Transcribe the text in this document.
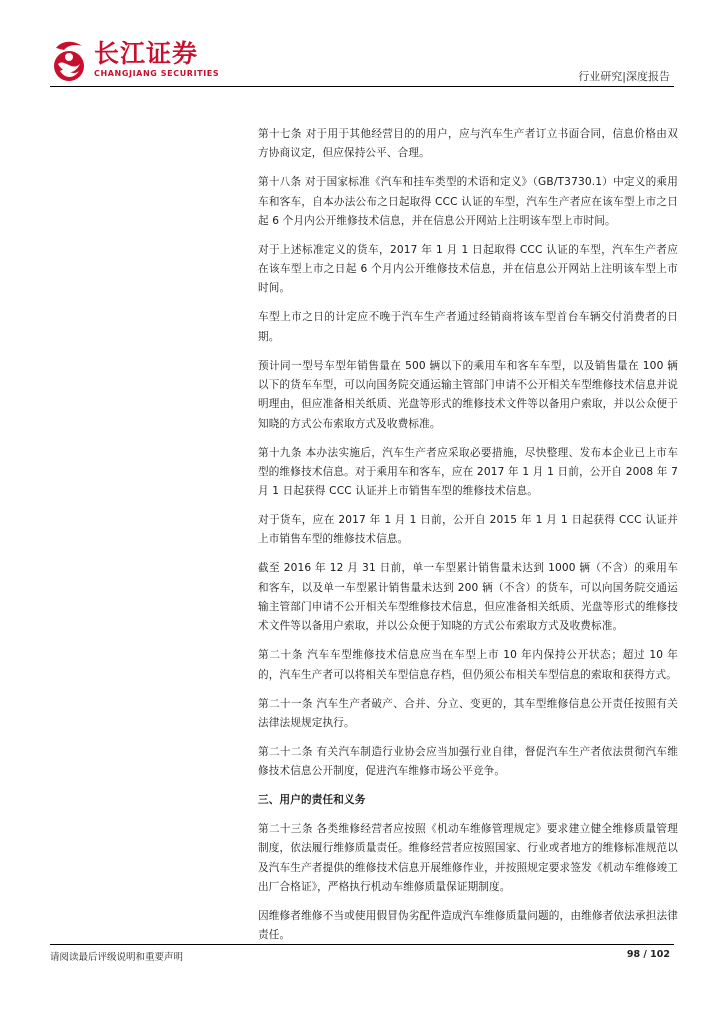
长江证券
CHANGJIANG SECURITIES	行业研究|深度报告

第十七条 对于用于其他经营目的的用户，应与汽车生产者订立书面合同，信息价格由双方协商议定，但应保持公平、合理。

第十八条 对于国家标准《汽车和挂车类型的术语和定义》（GB/T3730.1）中定义的乘用车和客车，自本办法公布之日起取得 CCC 认证的车型，汽车生产者应在该车型上市之日起 6 个月内公开维修技术信息，并在信息公开网站上注明该车型上市时间。

对于上述标准定义的货车，2017 年 1 月 1 日起取得 CCC 认证的车型，汽车生产者应在该车型上市之日起 6 个月内公开维修技术信息，并在信息公开网站上注明该车型上市时间。

车型上市之日的计定应不晚于汽车生产者通过经销商将该车型首台车辆交付消费者的日期。

预计同一型号车型年销售量在 500 辆以下的乘用车和客车车型，以及销售量在 100 辆以下的货车车型，可以向国务院交通运输主管部门申请不公开相关车型维修技术信息并说明理由，但应准备相关纸质、光盘等形式的维修技术文件等以备用户索取，并以公众便于知晓的方式公布索取方式及收费标准。

第十九条 本办法实施后，汽车生产者应采取必要措施，尽快整理、发布本企业已上市车型的维修技术信息。对于乘用车和客车，应在 2017 年 1 月 1 日前，公开自 2008 年 7 月 1 日起获得 CCC 认证并上市销售车型的维修技术信息。

对于货车，应在 2017 年 1 月 1 日前，公开自 2015 年 1 月 1 日起获得 CCC 认证并上市销售车型的维修技术信息。

截至 2016 年 12 月 31 日前，单一车型累计销售量未达到 1000 辆（不含）的乘用车和客车，以及单一车型累计销售量未达到 200 辆（不含）的货车，可以向国务院交通运输主管部门申请不公开相关车型维修技术信息，但应准备相关纸质、光盘等形式的维修技术文件等以备用户索取，并以公众便于知晓的方式公布索取方式及收费标准。

第二十条 汽车车型维修技术信息应当在车型上市 10 年内保持公开状态；超过 10 年的，汽车生产者可以将相关车型信息存档，但仍须公布相关车型信息的索取和获得方式。

第二十一条 汽车生产者破产、合并、分立、变更的，其车型维修信息公开责任按照有关法律法规规定执行。

第二十二条 有关汽车制造行业协会应当加强行业自律，督促汽车生产者依法贯彻汽车维修技术信息公开制度，促进汽车维修市场公平竞争。

三、用户的责任和义务

第二十三条 各类维修经营者应按照《机动车维修管理规定》要求建立健全维修质量管理制度，依法履行维修质量责任。维修经营者应按照国家、行业或者地方的维修标准规范以及汽车生产者提供的维修技术信息开展维修作业，并按照规定要求签发《机动车维修竣工出厂合格证》，严格执行机动车维修质量保证期制度。

因维修者维修不当或使用假冒伪劣配件造成汽车维修质量问题的，由维修者依法承担法律责任。

请阅读最后评级说明和重要声明	98 / 102
